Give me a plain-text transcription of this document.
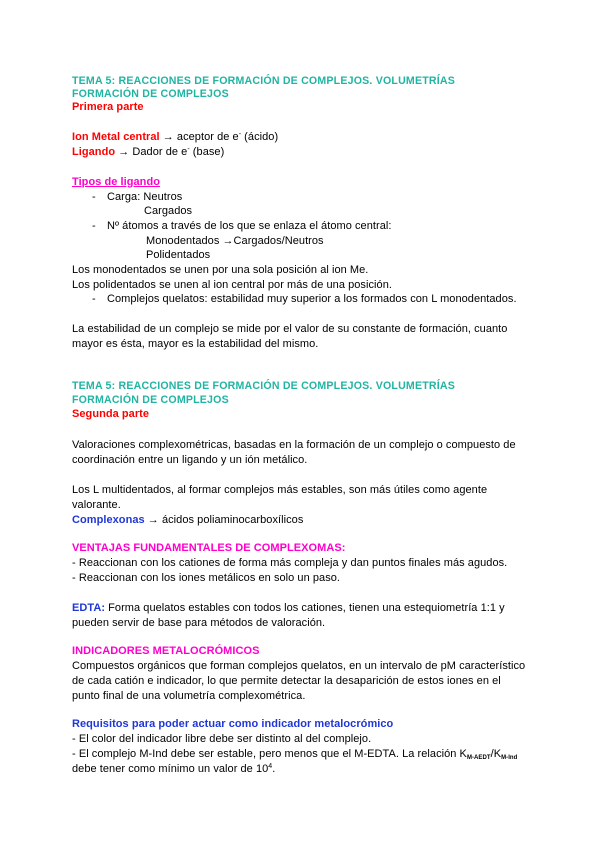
TEMA 5: REACCIONES DE FORMACIÓN DE COMPLEJOS. VOLUMETRÍAS
FORMACIÓN DE COMPLEJOS
Primera parte
Ion Metal central → aceptor de e- (ácido)
Ligando → Dador de e- (base)
Tipos de ligando
- Carga: Neutros
Cargados
- Nº átomos a través de los que se enlaza el átomo central:
Monodentados →Cargados/Neutros
Polidentados
Los monodentados se unen por una sola posición al ion Me.
Los polidentados se unen al ion central por más de una posición.
- Complejos quelatos: estabilidad muy superior a los formados con L monodentados.
La estabilidad de un complejo se mide por el valor de su constante de formación, cuanto
mayor es ésta, mayor es la estabilidad del mismo.
TEMA 5: REACCIONES DE FORMACIÓN DE COMPLEJOS. VOLUMETRÍAS
FORMACIÓN DE COMPLEJOS
Segunda parte
Valoraciones complexométricas, basadas en la formación de un complejo o compuesto de
coordinación entre un ligando y un ión metálico.
Los L multidentados, al formar complejos más estables, son más útiles como agente
valorante.
Complexonas → ácidos poliaminocarboxílicos
VENTAJAS FUNDAMENTALES DE COMPLEXOMAS:
- Reaccionan con los cationes de forma más compleja y dan puntos finales más agudos.
- Reaccionan con los iones metálicos en solo un paso.
EDTA: Forma quelatos estables con todos los cationes, tienen una estequiometría 1:1 y
pueden servir de base para métodos de valoración.
INDICADORES METALOCRÓMICOS
Compuestos orgánicos que forman complejos quelatos, en un intervalo de pM característico
de cada catión e indicador, lo que permite detectar la desaparición de estos iones en el
punto final de una volumetría complexométrica.
Requisitos para poder actuar como indicador metalocrómico
- El color del indicador libre debe ser distinto al del complejo.
- El complejo M-Ind debe ser estable, pero menos que el M-EDTA. La relación $K_{M-AEDT}/K_{M-Ind}$
debe tener como mínimo un valor de $10^4$.
